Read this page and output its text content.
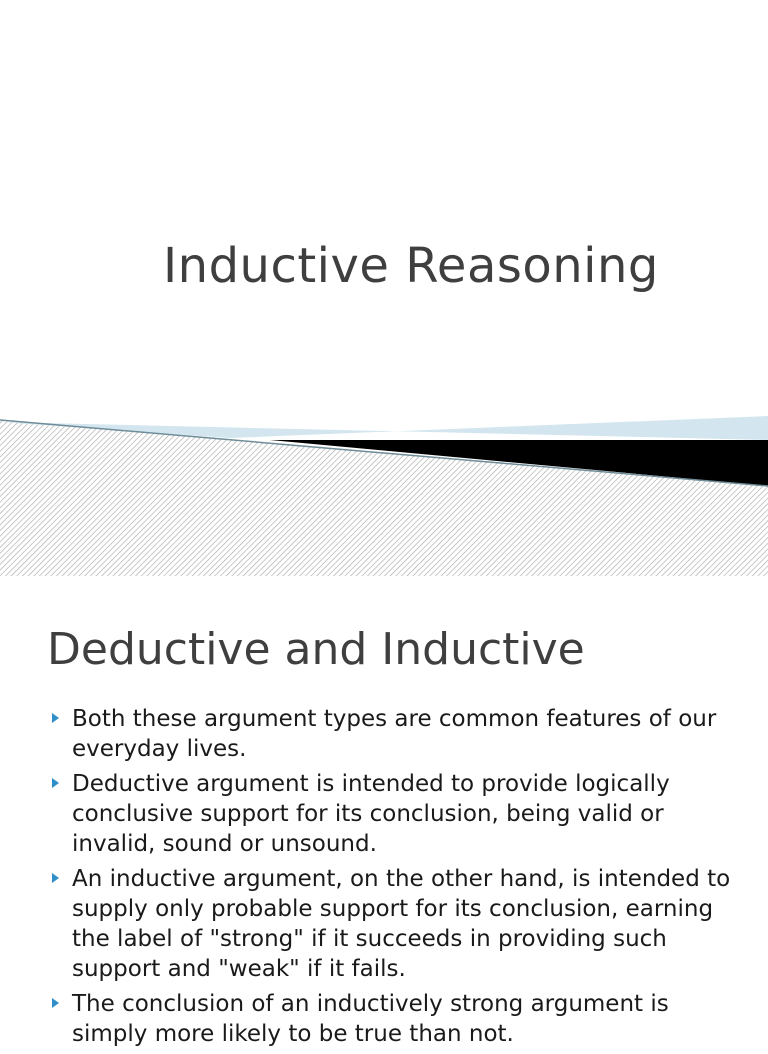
Inductive Reasoning
Deductive and Inductive
Both these argument types are common features of our everyday lives.
Deductive argument is intended to provide logically conclusive support for its conclusion, being valid or invalid, sound or unsound.
An inductive argument, on the other hand, is intended to supply only probable support for its conclusion, earning the label of "strong" if it succeeds in providing such support and "weak" if it fails.
The conclusion of an inductively strong argument is simply more likely to be true than not.
